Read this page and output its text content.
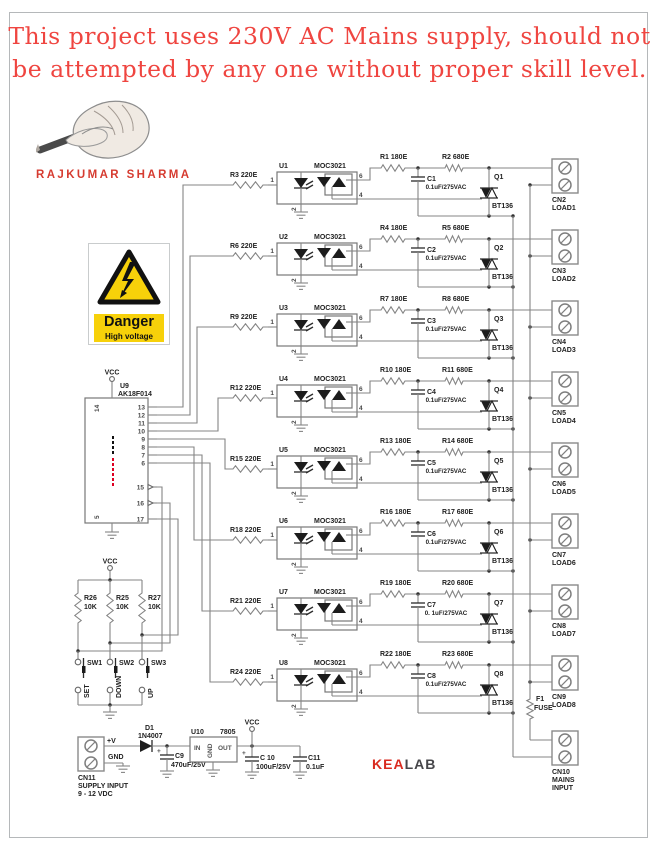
This project uses 230V AC Mains supply, should not
be attempted by any one without proper skill level.
RAJKUMAR SHARMA
Danger
High voltage
R3 220E
1
U1	MOC3021
6
4
2
R1 180E	R2 680E
C1
0.1uF/275VAC
Q1
BT136
CN2
LOAD1
R6 220E
1
U2	MOC3021
6
4
2
R4 180E	R5 680E
C2
0.1uF/275VAC
Q2
BT136
CN3
LOAD2
R9 220E
1
U3	MOC3021
6
4
2
R7 180E	R8 680E
C3
0.1uF/275VAC
Q3
BT136
CN4
LOAD3
R12 220E
1
U4	MOC3021
6
4
2
R10 180E	R11 680E
C4
0.1uF/275VAC
Q4
BT136
CN5
LOAD4
R15 220E
1
U5	MOC3021
6
4
2
R13 180E	R14 680E
C5
0.1uF/275VAC
Q5
BT136
CN6
LOAD5
R18 220E
1
U6	MOC3021
6
4
2
R16 180E	R17 680E
C6
0.1uF/275VAC
Q6
BT136
CN7
LOAD6
R21 220E
1
U7	MOC3021
6
4
2
R19 180E	R20 680E
C7
0. 1uF/275VAC
Q7
BT136
CN8
LOAD7
R24 220E
1
U8	MOC3021
6
4
2
R22 180E	R23 680E
C8
0.1uF/275VAC
Q8
BT136
CN9
LOAD8
F1
FUSE
CN10
MAINS
INPUT
U9
AK18F014
VCC
14
5
13
12
11
10
9
8
7
6
15
16
17
VCC
R26
10K
SW1
SET
R25
10K
SW2
DOWN
R27
10K
SW3
UP
CN11
SUPPLY INPUT
9 - 12 VDC
+V
GND
D1
1N4007
+
C9
470uF/25V
U10 7805
IN	OUT
GND
VCC
+
C 10
100uF/25V
C11
0.1uF	KEALAB
